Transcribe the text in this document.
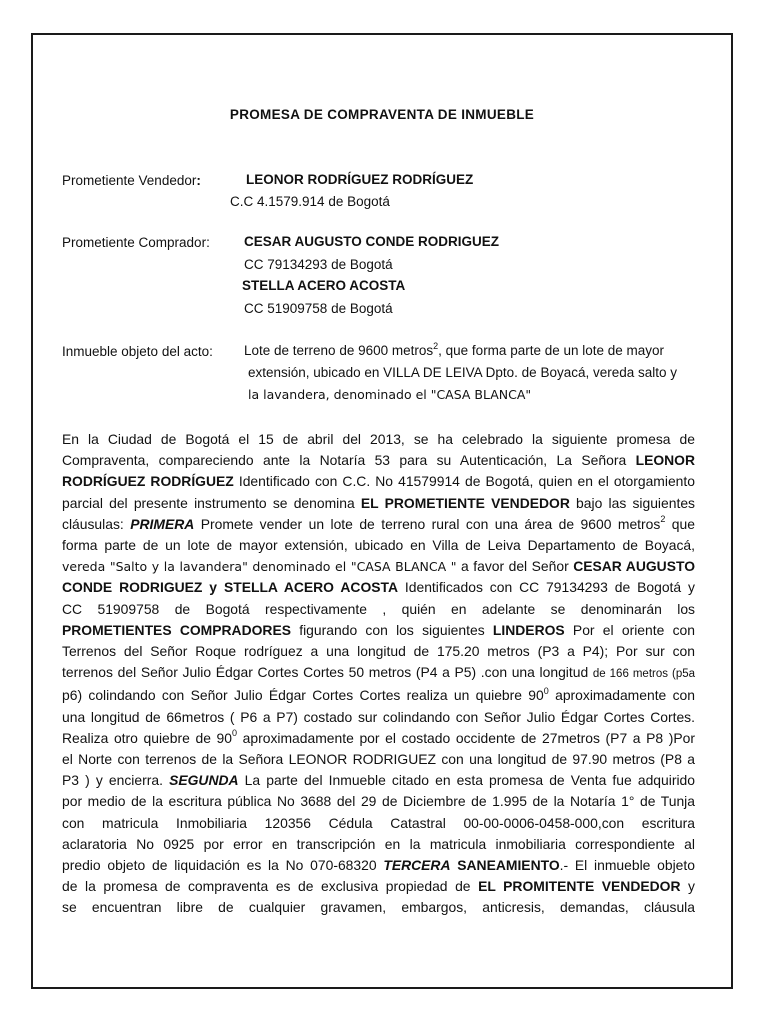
PROMESA DE COMPRAVENTA DE INMUEBLE
Prometiente Vendedor:	LEONOR RODRÍGUEZ RODRÍGUEZ
C.C 4.1579.914 de Bogotá
Prometiente Comprador:	CESAR AUGUSTO CONDE RODRIGUEZ
CC 79134293 de Bogotá
STELLA ACERO ACOSTA
CC 51909758 de Bogotá
Inmueble objeto del acto: Lote de terreno de 9600 metros$^2$, que forma parte de un lote de mayor
extensión, ubicado en VILLA DE LEIVA Dpto. de Boyacá, vereda salto y
la lavandera, denominado el "CASA BLANCA"
En la Ciudad de Bogotá el 15 de abril del 2013, se ha celebrado la siguiente promesa de
Compraventa, compareciendo ante la Notaría 53 para su Autenticación, La Señora LEONOR
RODRÍGUEZ RODRÍGUEZ Identificado con C.C. No 41579914 de Bogotá, quien en el otorgamiento
parcial del presente instrumento se denomina EL PROMETIENTE VENDEDOR bajo las siguientes
cláusulas: PRIMERA Promete vender un lote de terreno rural con una área de 9600 metros$^2$ que
forma parte de un lote de mayor extensión, ubicado en Villa de Leiva Departamento de Boyacá,
vereda "Salto y la lavandera" denominado el "CASA BLANCA " a favor del Señor CESAR AUGUSTO
CONDE RODRIGUEZ y STELLA ACERO ACOSTA Identificados con CC 79134293 de Bogotá y
CC 51909758 de Bogotá respectivamente , quién en adelante se denominarán los
PROMETIENTES COMPRADORES figurando con los siguientes LINDEROS Por el oriente con
Terrenos del Señor Roque rodríguez a una longitud de 175.20 metros (P3 a P4); Por sur con
terrenos del Señor Julio Édgar Cortes Cortes 50 metros (P4 a P5) .con una longitud de 166 metros (p5a
p6) colindando con Señor Julio Édgar Cortes Cortes realiza un quiebre $90^0$ aproximadamente con
una longitud de 66metros ( P6 a P7) costado sur colindando con Señor Julio Édgar Cortes Cortes.
Realiza otro quiebre de $90^0$ aproximadamente por el costado occidente de 27metros (P7 a P8 )Por
el Norte con terrenos de la Señora LEONOR RODRIGUEZ con una longitud de 97.90 metros (P8 a
P3 ) y encierra. SEGUNDA La parte del Inmueble citado en esta promesa de Venta fue adquirido
por medio de la escritura pública No 3688 del 29 de Diciembre de 1.995 de la Notaría 1° de Tunja
con matricula Inmobiliaria 120356 Cédula Catastral 00-00-0006-0458-000,con escritura
aclaratoria No 0925 por error en transcripción en la matricula inmobiliaria correspondiente al
predio objeto de liquidación es la No 070-68320 TERCERA SANEAMIENTO.- El inmueble objeto
de la promesa de compraventa es de exclusiva propiedad de EL PROMITENTE VENDEDOR y
se encuentran libre de cualquier gravamen, embargos, anticresis, demandas, cláusula
